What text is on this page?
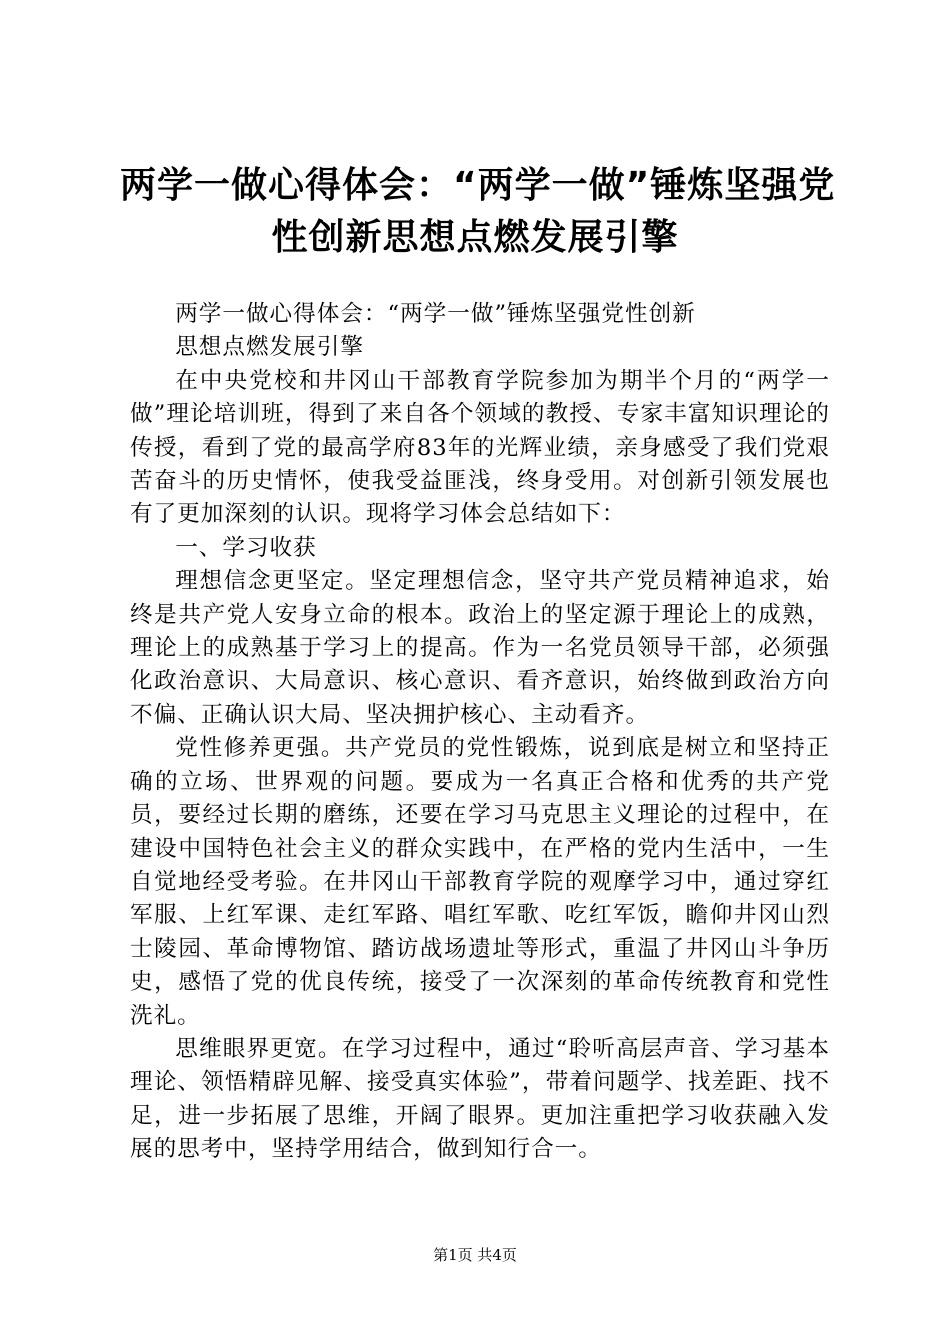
两学一做心得体会：“两学一做”锤炼坚强党
性创新思想点燃发展引擎

两学一做心得体会：“两学一做”锤炼坚强党性创新
思想点燃发展引擎

在中央党校和井冈山干部教育学院参加为期半个月的“两学一做”理论培训班，得到了来自各个领域的教授、专家丰富知识理论的传授，看到了党的最高学府83年的光辉业绩，亲身感受了我们党艰苦奋斗的历史情怀，使我受益匪浅，终身受用。对创新引领发展也有了更加深刻的认识。现将学习体会总结如下：

一、学习收获

理想信念更坚定。坚定理想信念，坚守共产党员精神追求，始终是共产党人安身立命的根本。政治上的坚定源于理论上的成熟，理论上的成熟基于学习上的提高。作为一名党员领导干部，必须强化政治意识、大局意识、核心意识、看齐意识，始终做到政治方向不偏、正确认识大局、坚决拥护核心、主动看齐。

党性修养更强。共产党员的党性锻炼，说到底是树立和坚持正确的立场、世界观的问题。要成为一名真正合格和优秀的共产党员，要经过长期的磨练，还要在学习马克思主义理论的过程中，在建设中国特色社会主义的群众实践中，在严格的党内生活中，一生自觉地经受考验。在井冈山干部教育学院的观摩学习中，通过穿红军服、上红军课、走红军路、唱红军歌、吃红军饭，瞻仰井冈山烈士陵园、革命博物馆、踏访战场遗址等形式，重温了井冈山斗争历史，感悟了党的优良传统，接受了一次深刻的革命传统教育和党性洗礼。

思维眼界更宽。在学习过程中，通过“聆听高层声音、学习基本理论、领悟精辟见解、接受真实体验”，带着问题学、找差距、找不足，进一步拓展了思维，开阔了眼界。更加注重把学习收获融入发展的思考中，坚持学用结合，做到知行合一。

第1页 共4页
